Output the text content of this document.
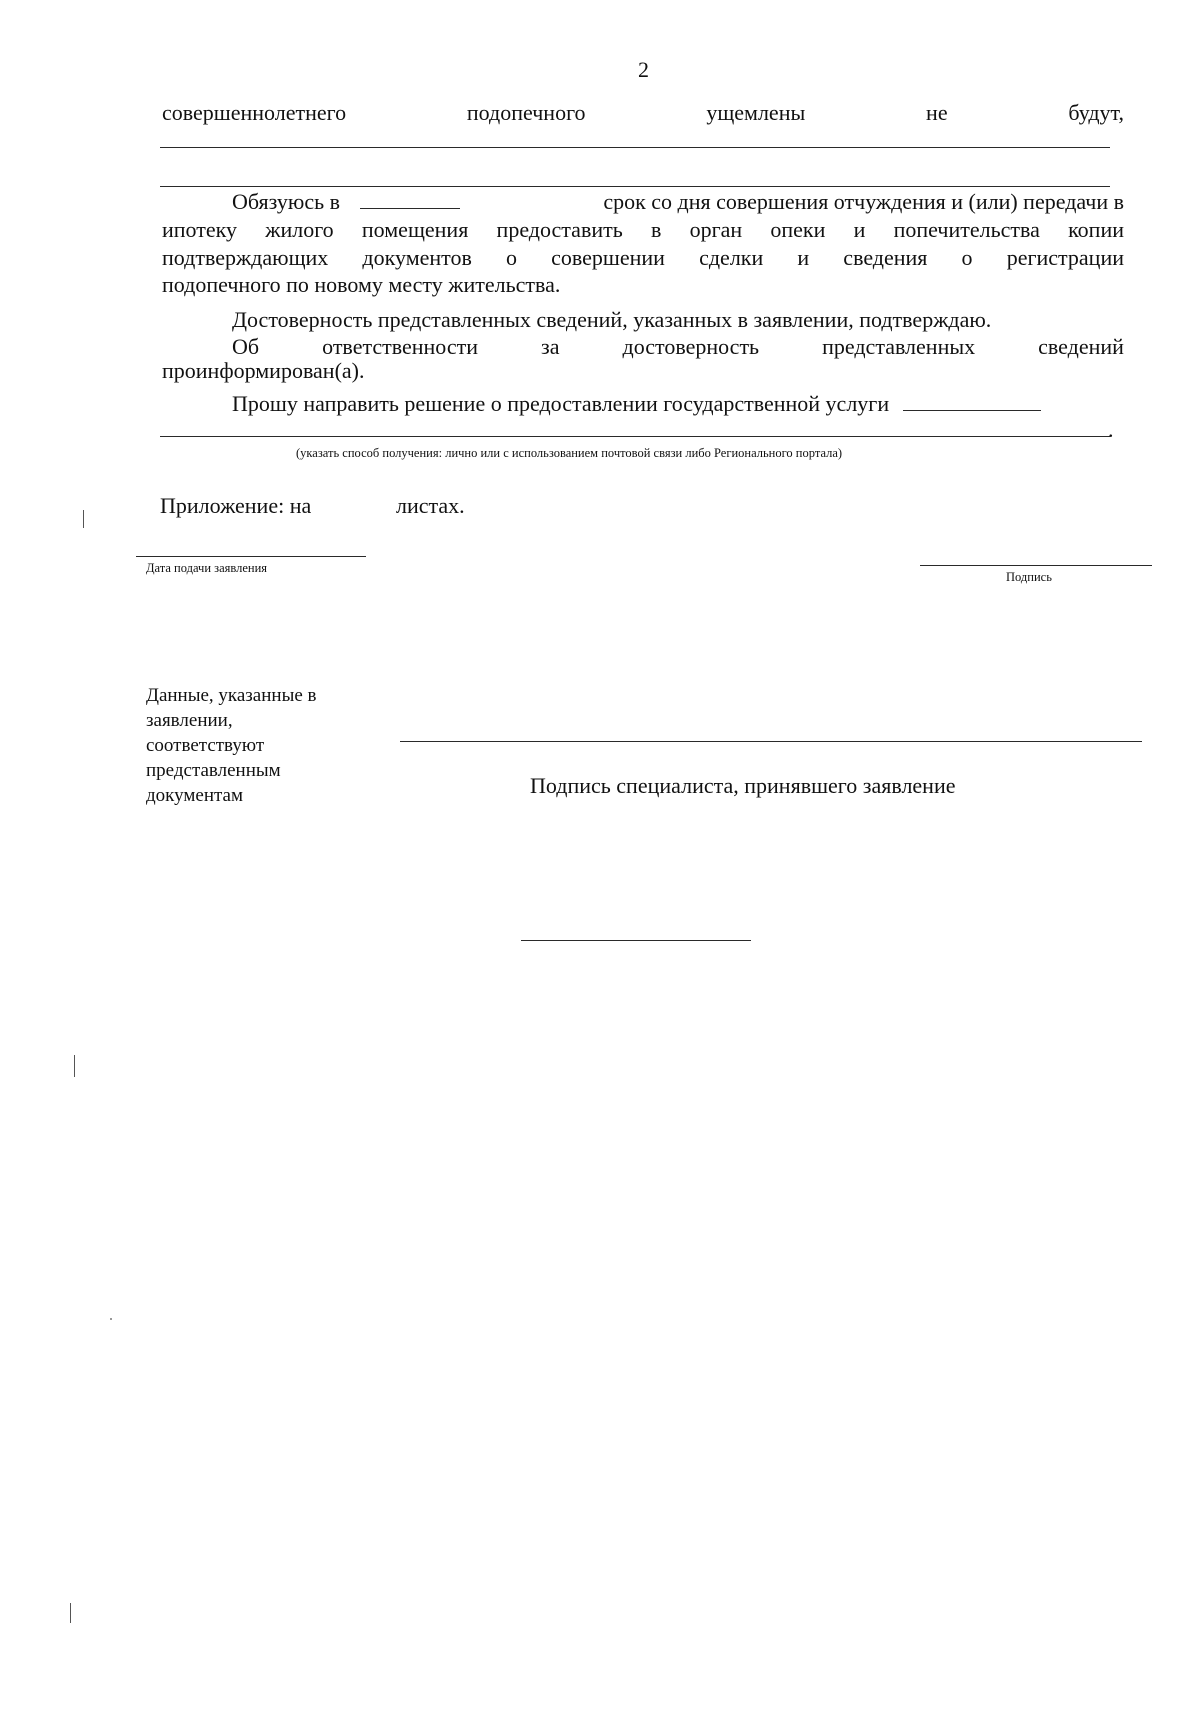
2
совершеннолетнего	подопечного	ущемлены	не	будут,
Обязуюсь в	срок со дня совершения отчуждения и (или) передачи в
ипотеку жилого помещения предоставить в орган опеки и попечительства копии
подтверждающих документов о совершении сделки и сведения о регистрации
подопечного по новому месту жительства.
Достоверность представленных сведений, указанных в заявлении, подтверждаю.
Об	ответственности	за	достоверность	представленных	сведений
проинформирован(а).
Прошу направить решение о предоставлении государственной услуги
.
(указать способ получения: лично или с использованием почтовой связи либо Регионального портала)
Приложение: на	листах.
Дата подачи заявления
Подпись
Данные, указанные в
заявлении,
соответствуют
представленным
документам	Подпись специалиста, принявшего заявление
